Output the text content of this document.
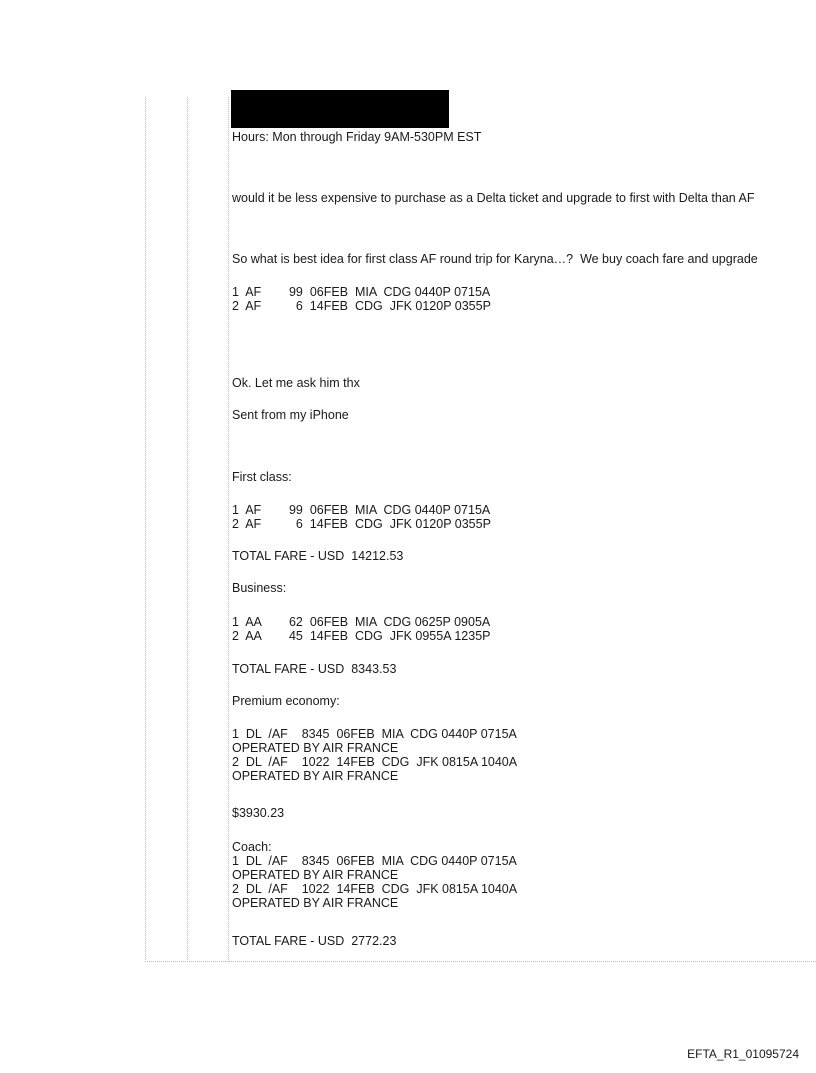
Hours: Mon through Friday 9AM-530PM EST
would it be less expensive to purchase as a Delta ticket and upgrade to first with Delta than AF
So what is best idea for first class AF round trip for Karyna…?  We buy coach fare and upgrade
1  AF        99  06FEB  MIA  CDG 0440P 0715A
2  AF          6  14FEB  CDG  JFK 0120P 0355P
Ok. Let me ask him thx
Sent from my iPhone
First class:
1  AF        99  06FEB  MIA  CDG 0440P 0715A
2  AF          6  14FEB  CDG  JFK 0120P 0355P
TOTAL FARE - USD  14212.53
Business:
1  AA        62  06FEB  MIA  CDG 0625P 0905A
2  AA        45  14FEB  CDG  JFK 0955A 1235P
TOTAL FARE - USD  8343.53
Premium economy:
1  DL  /AF    8345  06FEB  MIA  CDG 0440P 0715A
OPERATED BY AIR FRANCE
2  DL  /AF    1022  14FEB  CDG  JFK 0815A 1040A
OPERATED BY AIR FRANCE
$3930.23
Coach:
1  DL  /AF    8345  06FEB  MIA  CDG 0440P 0715A
OPERATED BY AIR FRANCE
2  DL  /AF    1022  14FEB  CDG  JFK 0815A 1040A
OPERATED BY AIR FRANCE
TOTAL FARE - USD  2772.23
EFTA_R1_01095724
